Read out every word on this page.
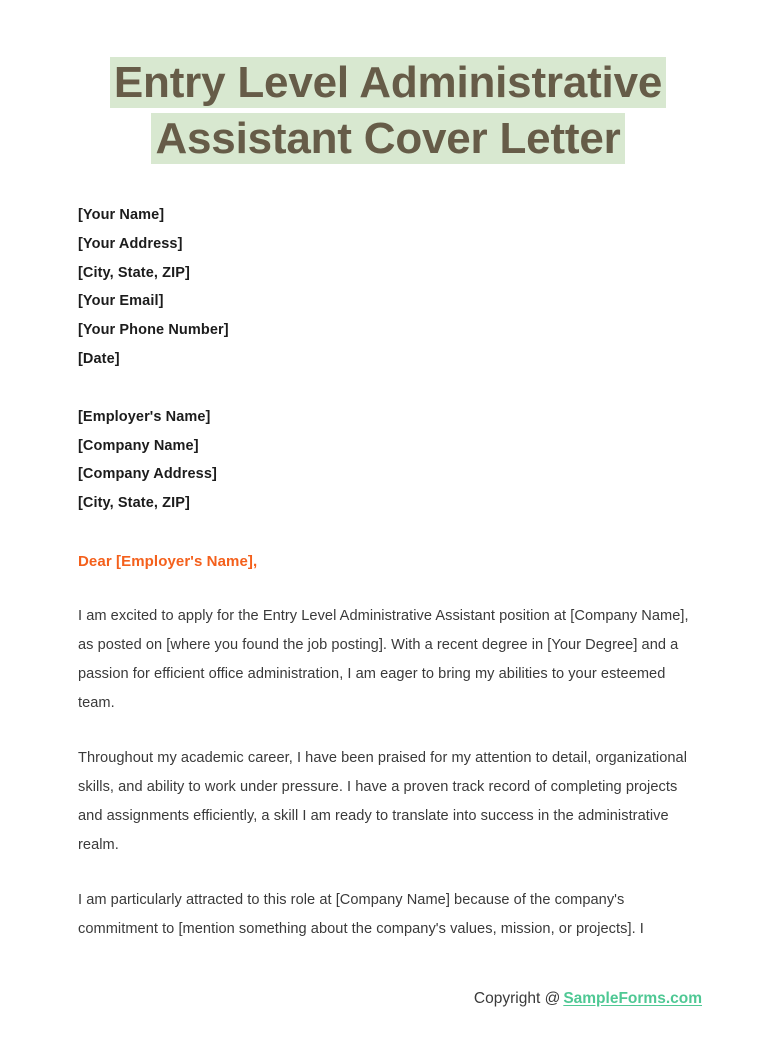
Entry Level Administrative
Assistant Cover Letter
[Your Name]
[Your Address]
[City, State, ZIP]
[Your Email]
[Your Phone Number]
[Date]
[Employer's Name]
[Company Name]
[Company Address]
[City, State, ZIP]
Dear [Employer's Name],

I am excited to apply for the Entry Level Administrative Assistant position at [Company Name], as posted on [where you found the job posting]. With a recent degree in [Your Degree] and a passion for efficient office administration, I am eager to bring my abilities to your esteemed team.

Throughout my academic career, I have been praised for my attention to detail, organizational skills, and ability to work under pressure. I have a proven track record of completing projects and assignments efficiently, a skill I am ready to translate into success in the administrative realm.

I am particularly attracted to this role at [Company Name] because of the company's commitment to [mention something about the company's values, mission, or projects]. I

Copyright @ SampleForms.com
